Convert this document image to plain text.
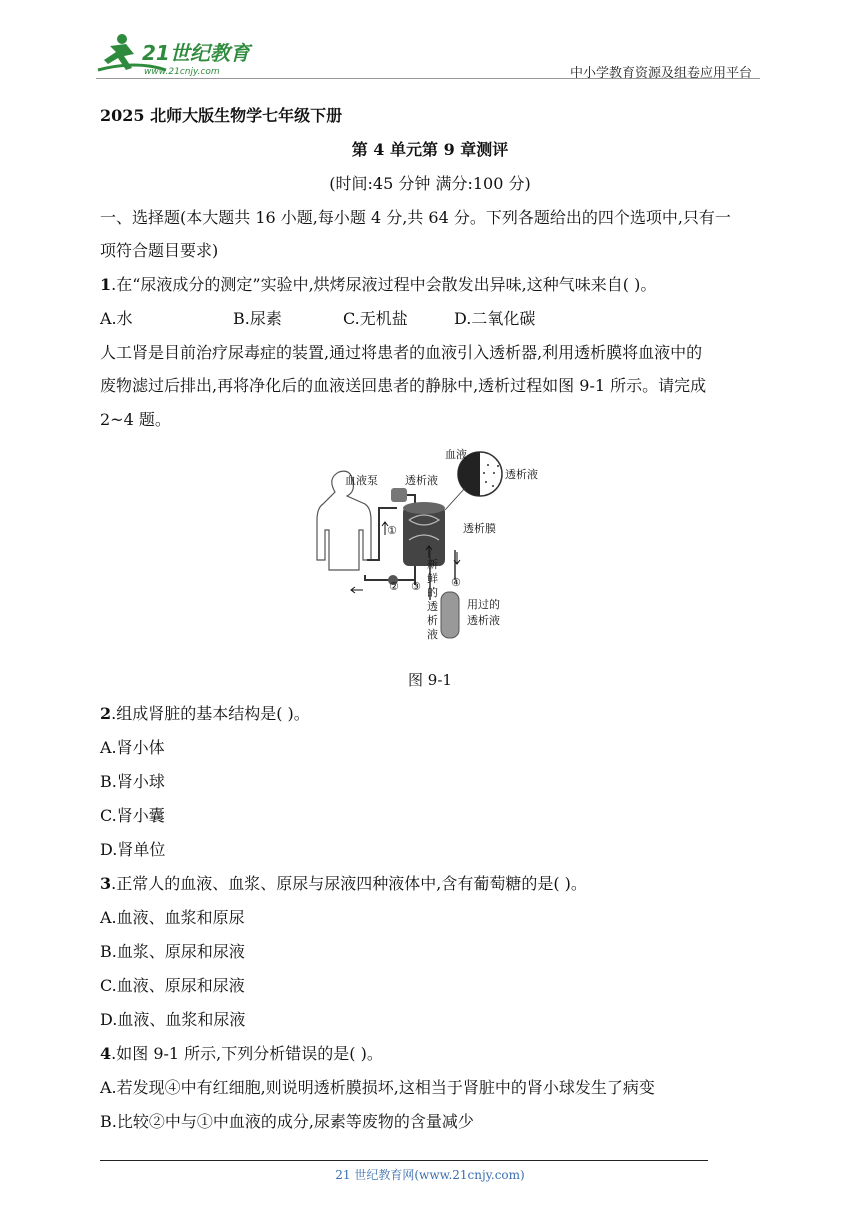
21世纪教育
www.21cnjy.com	中小学教育资源及组卷应用平台
2025 北师大版生物学七年级下册
第 4 单元第 9 章测评
(时间:45 分钟 满分:100 分)
一、选择题(本大题共 16 小题,每小题 4 分,共 64 分。下列各题给出的四个选项中,只有一
项符合题目要求)
1.在“尿液成分的测定”实验中,烘烤尿液过程中会散发出异味,这种气味来自( )。
A.水	B.尿素	C.无机盐	D.二氧化碳
人工肾是目前治疗尿毒症的装置,通过将患者的血液引入透析器,利用透析膜将血液中的
废物滤过后排出,再将净化后的血液送回患者的静脉中,透析过程如图 9-1 所示。请完成
2~4 题。
血液
血液泵 透析液	透析液
透析膜
①
② ③	④
新
鲜
的
透
析
液
用过的
透析液
图 9-1
2.组成肾脏的基本结构是( )。
A.肾小体
B.肾小球
C.肾小囊
D.肾单位
3.正常人的血液、血浆、原尿与尿液四种液体中,含有葡萄糖的是( )。
A.血液、血浆和原尿
B.血浆、原尿和尿液
C.血液、原尿和尿液
D.血液、血浆和尿液
4.如图 9-1 所示,下列分析错误的是( )。
A.若发现④中有红细胞,则说明透析膜损坏,这相当于肾脏中的肾小球发生了病变
B.比较②中与①中血液的成分,尿素等废物的含量减少
21 世纪教育网(www.21cnjy.com)
